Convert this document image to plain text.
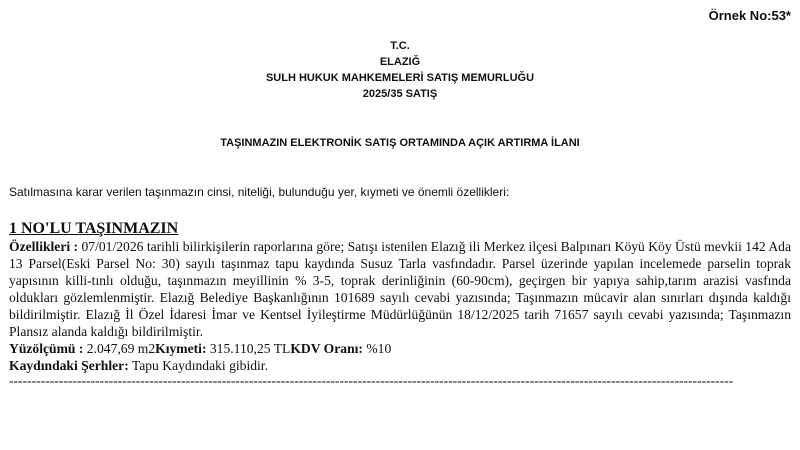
Örnek No:53*
T.C.
ELAZIĞ
SULH HUKUK MAHKEMELERİ SATIŞ MEMURLUĞU
2025/35 SATIŞ
TAŞINMAZIN ELEKTRONİK SATIŞ ORTAMINDA AÇIK ARTIRMA İLANI
Satılmasına karar verilen taşınmazın cinsi, niteliği, bulunduğu yer, kıymeti ve önemli özellikleri:
1 NO'LU TAŞINMAZIN
Özellikleri : 07/01/2026 tarihli bilirkişilerin raporlarına göre; Satışı istenilen Elazığ ili Merkez ilçesi Balpınarı Köyü Köy Üstü mevkii 142 Ada 13 Parsel(Eski Parsel No: 30) sayılı taşınmaz tapu kaydında Susuz Tarla vasfındadır. Parsel üzerinde yapılan incelemede parselin toprak yapısının killi-tınlı olduğu, taşınmazın meyillinin % 3-5, toprak derinliğinin (60-90cm), geçirgen bir yapıya sahip,tarım arazisi vasfında oldukları gözlemlenmiştir. Elazığ Belediye Başkanlığının 101689 sayılı cevabi yazısında; Taşınmazın mücavir alan sınırları dışında kaldığı bildirilmiştir. Elazığ İl Özel İdaresi İmar ve Kentsel İyileştirme Müdürlüğünün 18/12/2025 tarih 71657 sayılı cevabi yazısında; Taşınmazın Plansız alanda kaldığı bildirilmiştir.
Yüzölçümü : 2.047,69 m2Kıymeti: 315.110,25 TLKDV Oranı: %10
Kaydındaki Şerhler: Tapu Kaydındaki gibidir.
----------------------------------------------------------------------------------------------------------------------------------------------------------------
